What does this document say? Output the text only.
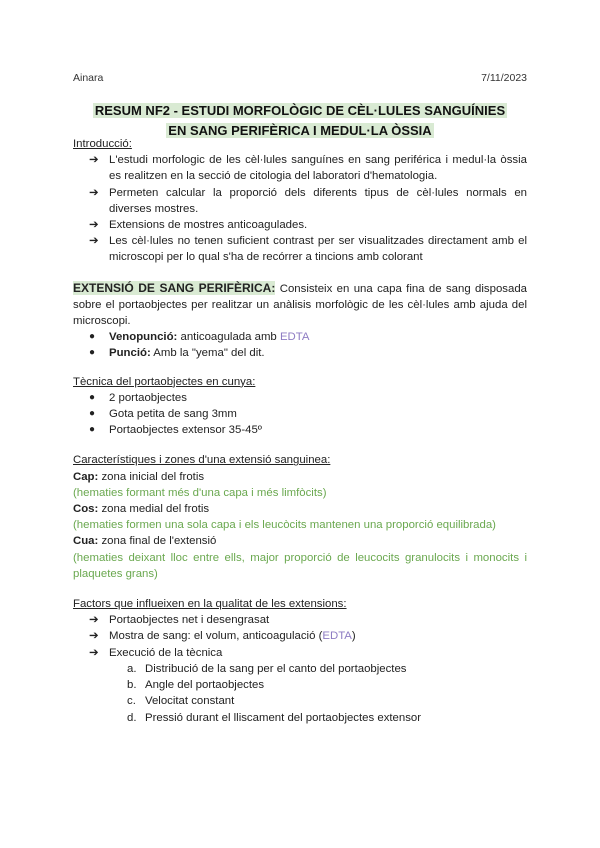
Ainara	7/11/2023
RESUM NF2 - ESTUDI MORFOLÒGIC DE CÈL·LULES SANGUÍNIES
EN SANG PERIFÈRICA I MEDUL·LA ÒSSIA
Introducció:
➔ L'estudi morfologic de les cèl·lules sanguínes en sang periférica i medul·la òssia es realitzen en la secció de citologia del laboratori d'hematologia.
➔ Permeten calcular la proporció dels diferents tipus de cèl·lules normals en diverses mostres.
➔ Extensions de mostres anticoagulades.
➔ Les cèl·lules no tenen suficient contrast per ser visualitzades directament amb el microscopi per lo qual s'ha de recórrer a tincions amb colorant
EXTENSIÓ DE SANG PERIFÈRICA: Consisteix en una capa fina de sang disposada sobre el portaobjectes per realitzar un anàlisis morfològic de les cèl·lules amb ajuda del microscopi.
● Venopunció: anticoagulada amb EDTA
● Punció: Amb la "yema" del dit.
Tècnica del portaobjectes en cunya:
● 2 portaobjectes
● Gota petita de sang 3mm
● Portaobjectes extensor 35-45º
Característiques i zones d'una extensió sanguinea:
Cap: zona inicial del frotis
(hematies formant més d'una capa i més limfòcits)
Cos: zona medial del frotis
(hematies formen una sola capa i els leucòcits mantenen una proporció equilibrada)
Cua: zona final de l'extensió
(hematies deixant lloc entre ells, major proporció de leucocits granulocits i monocits i plaquetes grans)
Factors que influeixen en la qualitat de les extensions:
➔ Portaobjectes net i desengrasat
➔ Mostra de sang: el volum, anticoagulació (EDTA)
➔ Execució de la tècnica
a. Distribució de la sang per el canto del portaobjectes
b. Angle del portaobjectes
c. Velocitat constant
d. Pressió durant el lliscament del portaobjectes extensor
